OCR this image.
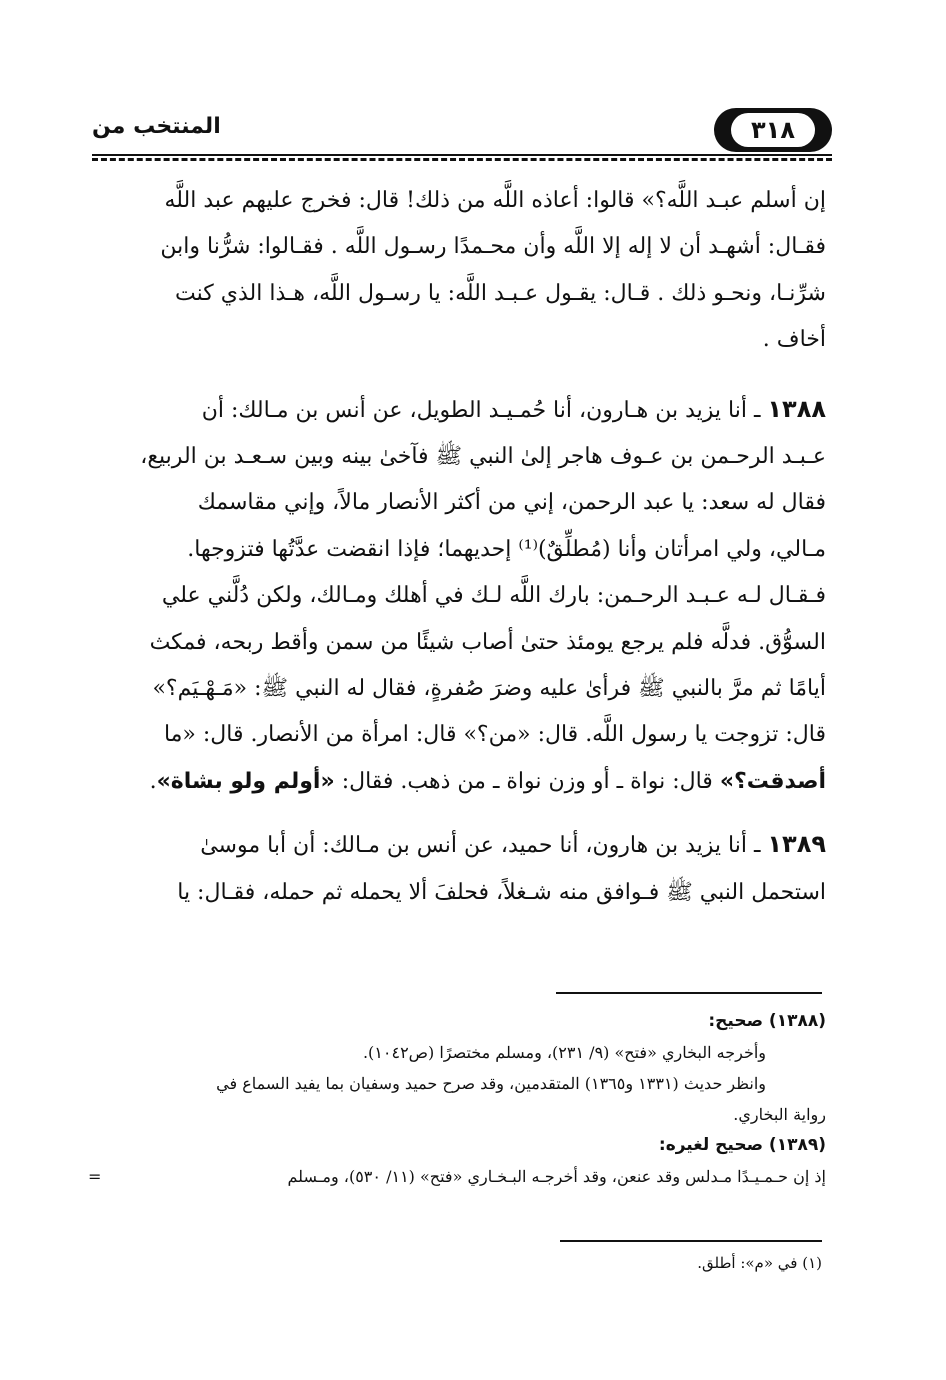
٣١٨
المنتخب من

إن أسلم عبـد اللَّه؟» قالوا: أعاذه اللَّه من ذلك! قال: فخرج عليهم عبد اللَّه

فقـال: أشهـد أن لا إله إلا اللَّه وأن محـمدًا رسـول اللَّه . فقـالوا: شرُّنا وابن

شرِّنـا، ونحـو ذلك . قـال: يقـول عـبـد اللَّه: يا رسـول اللَّه، هـذا الذي كنت

أخاف .

١٣٨٨ ـ أنا يزيد بن هـارون، أنا حُمـيـد الطويل، عن أنس بن مـالك: أن

عـبـد الرحـمن بن عـوف هاجر إلىٰ النبي ﷺ فآخىٰ بينه وبين سـعـد بن الربيع،

فقال له سعد: يا عبد الرحمن، إني من أكثر الأنصار مالاً، وإني مقاسمك

مـالي، ولي امرأتان وأنا (مُطلِّقٌ)⁽¹⁾ إحديهما؛ فإذا انقضت عدَّتُها فتزوجها.

فـقـال لـه عـبـد الرحـمن: بارك اللَّه لـك في أهلك ومـالك، ولكن دُلَّني علي

السوُّق. فدلَّه فلم يرجع يومئذ حتىٰ أصاب شيئًا من سمن وأقط ربحه، فمكث

أيامًا ثم مرَّ بالنبي ﷺ فرأىٰ عليه وضرَ صُفرةٍ، فقال له النبي ﷺ: «مَـهْـيَم؟»

قال: تزوجت يا رسول اللَّه. قال: «من؟» قال: امرأة من الأنصار. قال: «ما

أصدقت؟» قال: نواة ـ أو وزن نواة ـ من ذهب. فقال: «أولم ولو بشاة».

١٣٨٩ ـ أنا يزيد بن هارون، أنا حميد، عن أنس بن مـالك: أن أبا موسىٰ

استحمل النبي ﷺ فـوافق منه شـغلاً، فحلفَ ألا يحمله ثم حمله، فقـال: يا

(١٣٨٨) صحيح:

وأخرجه البخاري «فتح» (٩/ ٢٣١)، ومسلم مختصرًا (ص١٠٤٢).

وانظر حديث (١٣٣١ و١٣٦٥) المتقدمين، وقد صرح حميد وسفيان بما يفيد السماع في

رواية البخاري.

(١٣٨٩) صحيح لغيره:

إذ إن حـمـيـدًا مـدلس وقد عنعن، وقد أخرجـه البـخـاري «فتح» (١١/ ٥٣٠)، ومـسلم
=

(١) في «م»: أطلق.
